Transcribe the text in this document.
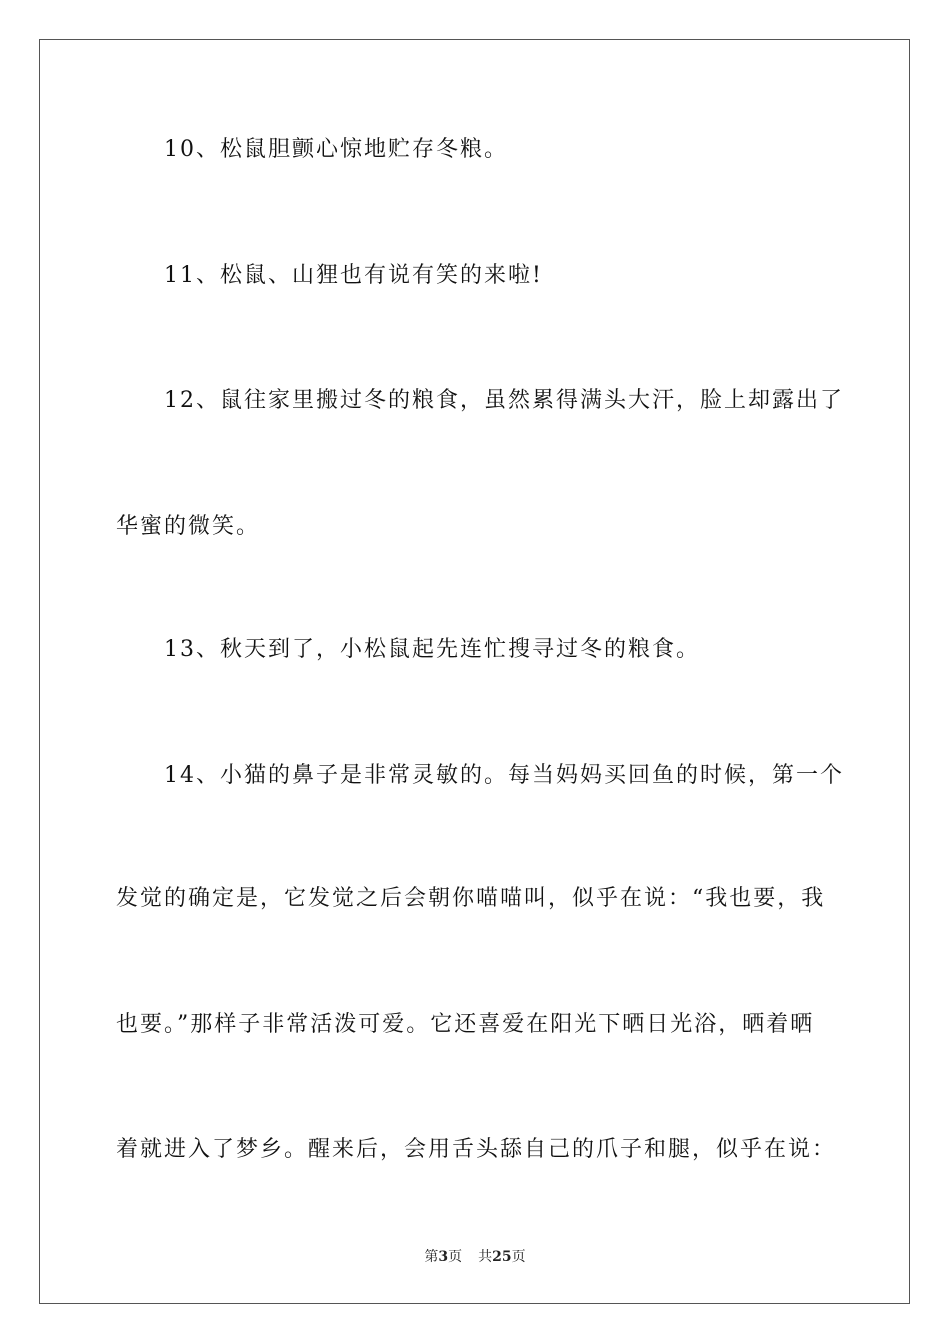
10、松鼠胆颤心惊地贮存冬粮。
11、松鼠、山狸也有说有笑的来啦!
12、鼠往家里搬过冬的粮食，虽然累得满头大汗，脸上却露出了
华蜜的微笑。
13、秋天到了，小松鼠起先连忙搜寻过冬的粮食。
14、小猫的鼻子是非常灵敏的。每当妈妈买回鱼的时候，第一个
发觉的确定是，它发觉之后会朝你喵喵叫，似乎在说：“我也要，我
也要。”那样子非常活泼可爱。它还喜爱在阳光下晒日光浴，晒着晒
着就进入了梦乡。醒来后，会用舌头舔自己的爪子和腿，似乎在说：
第3页 共25页
